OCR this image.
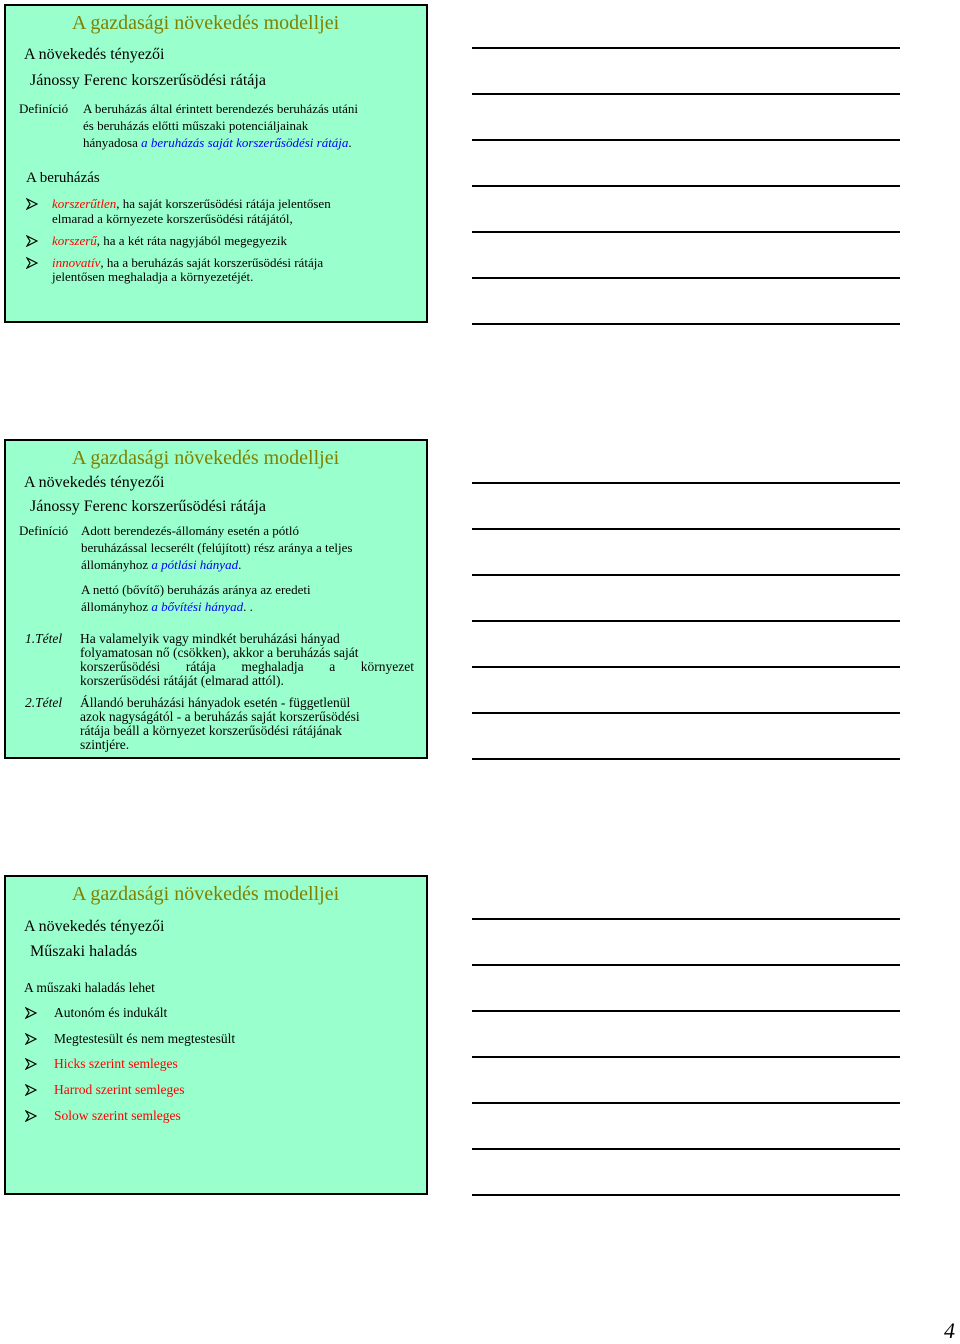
A gazdasági növekedés modelljei
A növekedés tényezői
Jánossy Ferenc korszerűsödési rátája
Definíció A beruházás által érintett berendezés beruházás utáni
és beruházás előtti műszaki potenciáljainak
hányadosa a beruházás saját korszerűsödési rátája.
A beruházás
korszerűtlen, ha saját korszerűsödési rátája jelentősen
elmarad a környezete korszerűsödési rátájától,
korszerű, ha a két ráta nagyjából megegyezik
innovatív, ha a beruházás saját korszerűsödési rátája
jelentősen meghaladja a környezetéjét.
A gazdasági növekedés modelljei
A növekedés tényezői
Jánossy Ferenc korszerűsödési rátája
Definíció Adott berendezés-állomány esetén a pótló
beruházással lecserélt (felújított) rész aránya a teljes
állományhoz a pótlási hányad.
A nettó (bővítő) beruházás aránya az eredeti
állományhoz a bővítési hányad. .
1.Tétel Ha valamelyik vagy mindkét beruházási hányad
folyamatosan nő (csökken), akkor a beruházás saját
korszerűsödési rátája meghaladja a környezet
korszerűsödési rátáját (elmarad attól).
2.Tétel Állandó beruházási hányadok esetén - függetlenül
azok nagyságától - a beruházás saját korszerűsödési
rátája beáll a környezet korszerűsödési rátájának
szintjére.
A gazdasági növekedés modelljei
A növekedés tényezői
Műszaki haladás
A műszaki haladás lehet
Autonóm és indukált
Megtestesült és nem megtestesült
Hicks szerint semleges
Harrod szerint semleges
Solow szerint semleges
4
